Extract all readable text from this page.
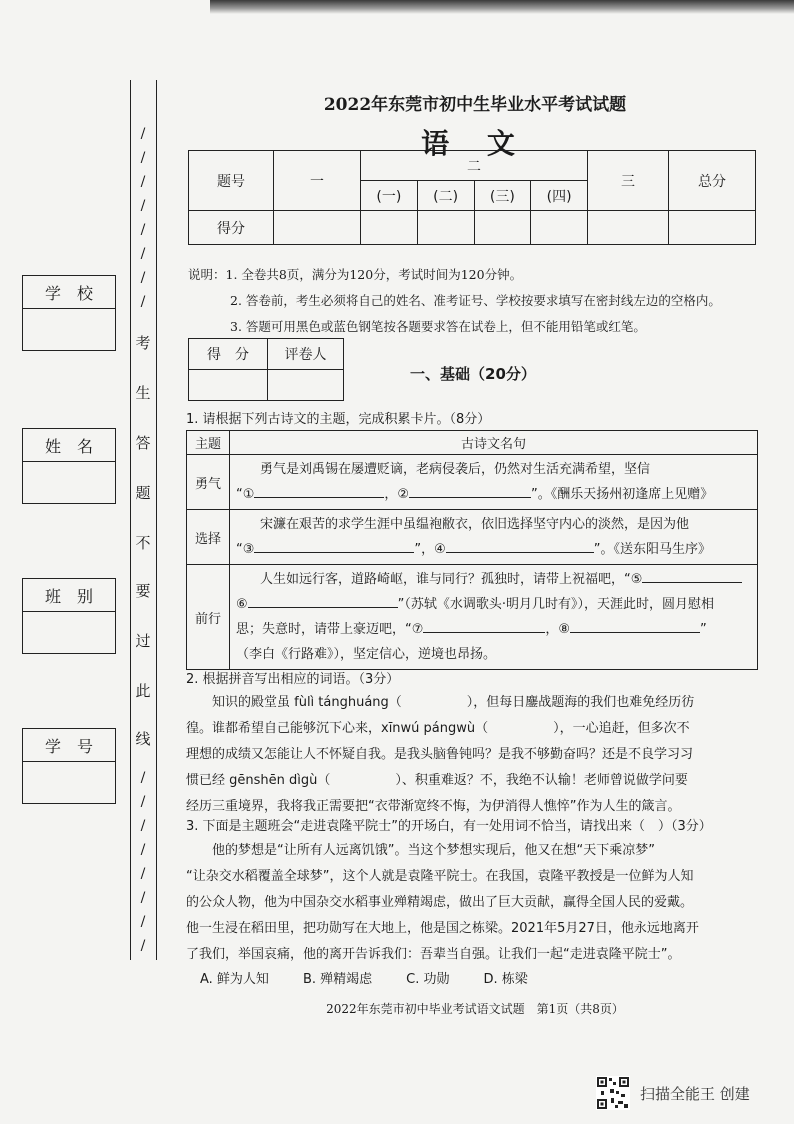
/
/
/
/
/
/
/
/
/
/
/
/
/
/
/
/
考
生
答
题
不
要
过
此
线
学　校
姓　名
班　别
学　号
2022年东莞市初中生毕业水平考试试题
语 文
题号	一	二				三	总分
		(一)	(二)	(三)	(四)		
得分							
说明：1. 全卷共8页，满分为120分，考试时间为120分钟。
2. 答卷前，考生必须将自己的姓名、准考证号、学校按要求填写在密封线左边的空格内。
3. 答题可用黑色或蓝色钢笔按各题要求答在试卷上，但不能用铅笔或红笔。
得　分	评卷人

一、基础（20分）
1. 请根据下列古诗文的主题，完成积累卡片。（8分）
主题	古诗文名句
勇气	勇气是刘禹锡在屡遭贬谪，老病侵袭后，仍然对生活充满希望，坚信
“① ，② ”。《酬乐天扬州初逢席上见赠》

选择	宋濂在艰苦的求学生涯中虽缊袍敝衣，依旧选择坚守内心的淡然，是因为他
“③ ”，④ ”。《送东阳马生序》

前行	人生如远行客，道路崎岖，谁与同行？孤独时，请带上祝福吧，“⑤
⑥ ”（苏轼《水调歌头·明月几时有》），天涯此时，圆月慰相
思；失意时，请带上豪迈吧，“⑦ ，⑧ ”
（李白《行路难》），坚定信心，逆境也昂扬。
2. 根据拼音写出相应的词语。（3分）

知识的殿堂虽 fùlì tánghuáng（　　　　　），但每日鏖战题海的我们也难免经历彷

徨。谁都希望自己能够沉下心来，xīnwú pángwù（　　　　　），一心追赶，但多次不

理想的成绩又怎能让人不怀疑自我。是我头脑鲁钝吗？是我不够勤奋吗？还是不良学习习

惯已经 gēnshēn dìgù（　　　　　）、积重难返？不，我绝不认输！老师曾说做学问要

经历三重境界，我将我正需要把“衣带渐宽终不悔，为伊消得人憔悴”作为人生的箴言。

3. 下面是主题班会“走进袁隆平院士”的开场白，有一处用词不恰当，请找出来（　）（3分）

他的梦想是“让所有人远离饥饿”。当这个梦想实现后，他又在想“天下乘凉梦”

“让杂交水稻覆盖全球梦”，这个人就是袁隆平院士。在我国，袁隆平教授是一位鲜为人知

的公众人物，他为中国杂交水稻事业殚精竭虑，做出了巨大贡献，赢得全国人民的爱戴。

他一生浸在稻田里，把功勋写在大地上，他是国之栋梁。2021年5月27日，他永远地离开

了我们，举国哀痛，他的离开告诉我们：吾辈当自强。让我们一起“走进袁隆平院士”。

A. 鲜为人知	B. 殚精竭虑	C. 功勋	D. 栋梁
2022年东莞市初中毕业考试语文试题　第1页（共8页）
扫描全能王 创建
